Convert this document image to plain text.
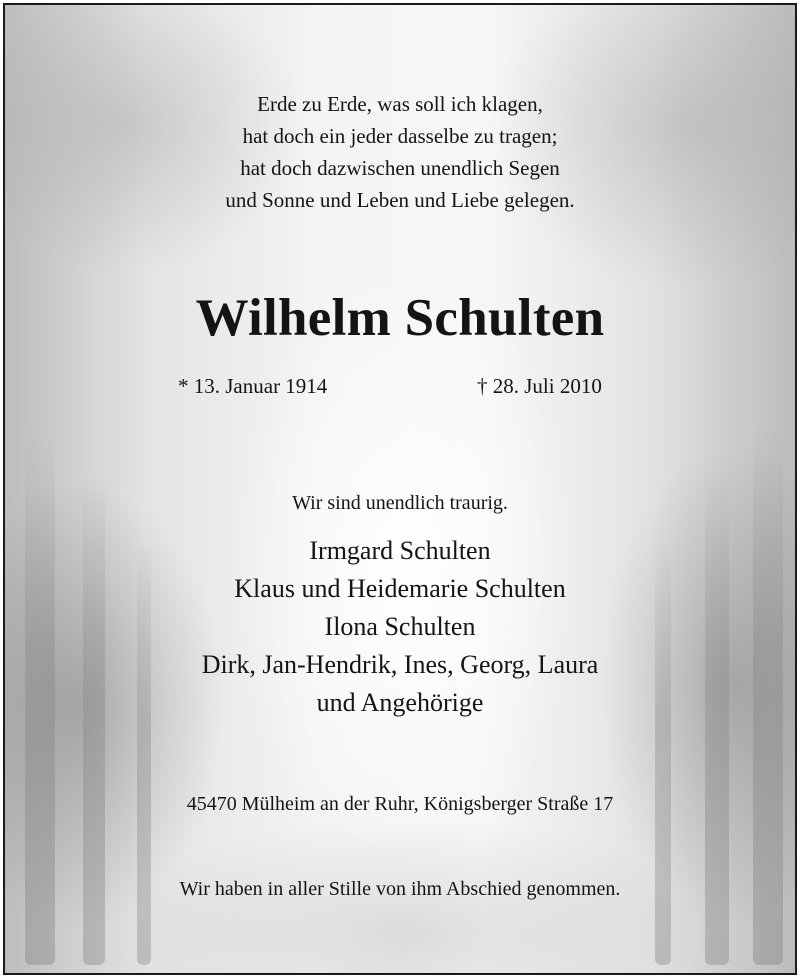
Erde zu Erde, was soll ich klagen,

hat doch ein jeder dasselbe zu tragen;

hat doch dazwischen unendlich Segen

und Sonne und Leben und Liebe gelegen.

Wilhelm Schulten
* 13. Januar 1914	† 28. Juli 2010

Wir sind unendlich traurig.

Irmgard Schulten

Klaus und Heidemarie Schulten

Ilona Schulten

Dirk, Jan-Hendrik, Ines, Georg, Laura

und Angehörige

45470 Mülheim an der Ruhr, Königsberger Straße 17

Wir haben in aller Stille von ihm Abschied genommen.
